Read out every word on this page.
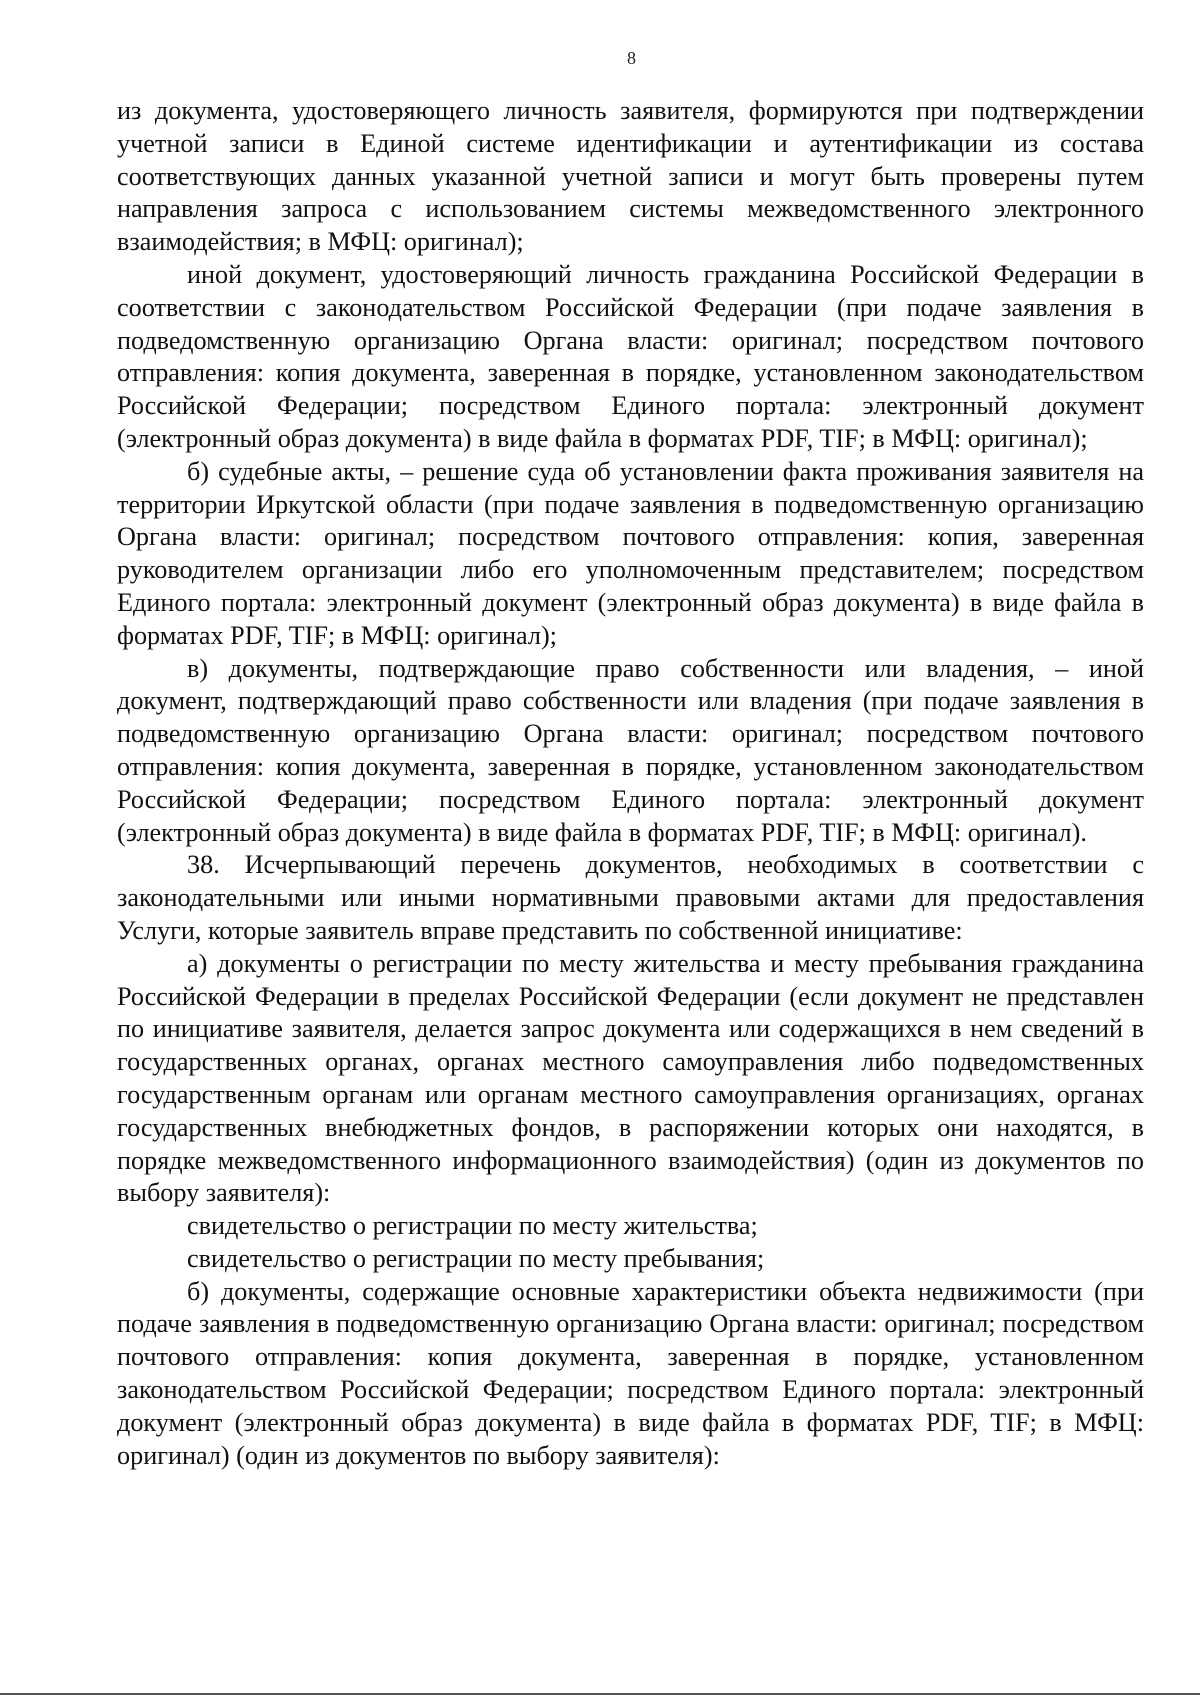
8

из документа, удостоверяющего личность заявителя, формируются при подтверждении учетной записи в Единой системе идентификации и аутентификации из состава соответствующих данных указанной учетной записи и могут быть проверены путем направления запроса с использованием системы межведомственного электронного взаимодействия; в МФЦ: оригинал);

иной документ, удостоверяющий личность гражданина Российской Федерации в соответствии с законодательством Российской Федерации (при подаче заявления в подведомственную организацию Органа власти: оригинал; посредством почтового отправления: копия документа, заверенная в порядке, установленном законодательством Российской Федерации; посредством Единого портала: электронный документ (электронный образ документа) в виде файла в форматах PDF, TIF; в МФЦ: оригинал);

б) судебные акты, – решение суда об установлении факта проживания заявителя на территории Иркутской области (при подаче заявления в подведомственную организацию Органа власти: оригинал; посредством почтового отправления: копия, заверенная руководителем организации либо его уполномоченным представителем; посредством Единого портала: электронный документ (электронный образ документа) в виде файла в форматах PDF, TIF; в МФЦ: оригинал);

в) документы, подтверждающие право собственности или владения, – иной документ, подтверждающий право собственности или владения (при подаче заявления в подведомственную организацию Органа власти: оригинал; посредством почтового отправления: копия документа, заверенная в порядке, установленном законодательством Российской Федерации; посредством Единого портала: электронный документ (электронный образ документа) в виде файла в форматах PDF, TIF; в МФЦ: оригинал).

38. Исчерпывающий перечень документов, необходимых в соответствии с законодательными или иными нормативными правовыми актами для предоставления Услуги, которые заявитель вправе представить по собственной инициативе:

а) документы о регистрации по месту жительства и месту пребывания гражданина Российской Федерации в пределах Российской Федерации (если документ не представлен по инициативе заявителя, делается запрос документа или содержащихся в нем сведений в государственных органах, органах местного самоуправления либо подведомственных государственным органам или органам местного самоуправления организациях, органах государственных внебюджетных фондов, в распоряжении которых они находятся, в порядке межведомственного информационного взаимодействия) (один из документов по выбору заявителя):

свидетельство о регистрации по месту жительства;

свидетельство о регистрации по месту пребывания;

б) документы, содержащие основные характеристики объекта недвижимости (при подаче заявления в подведомственную организацию Органа власти: оригинал; посредством почтового отправления: копия документа, заверенная в порядке, установленном законодательством Российской Федерации; посредством Единого портала: электронный документ (электронный образ документа) в виде файла в форматах PDF, TIF; в МФЦ: оригинал) (один из документов по выбору заявителя):
